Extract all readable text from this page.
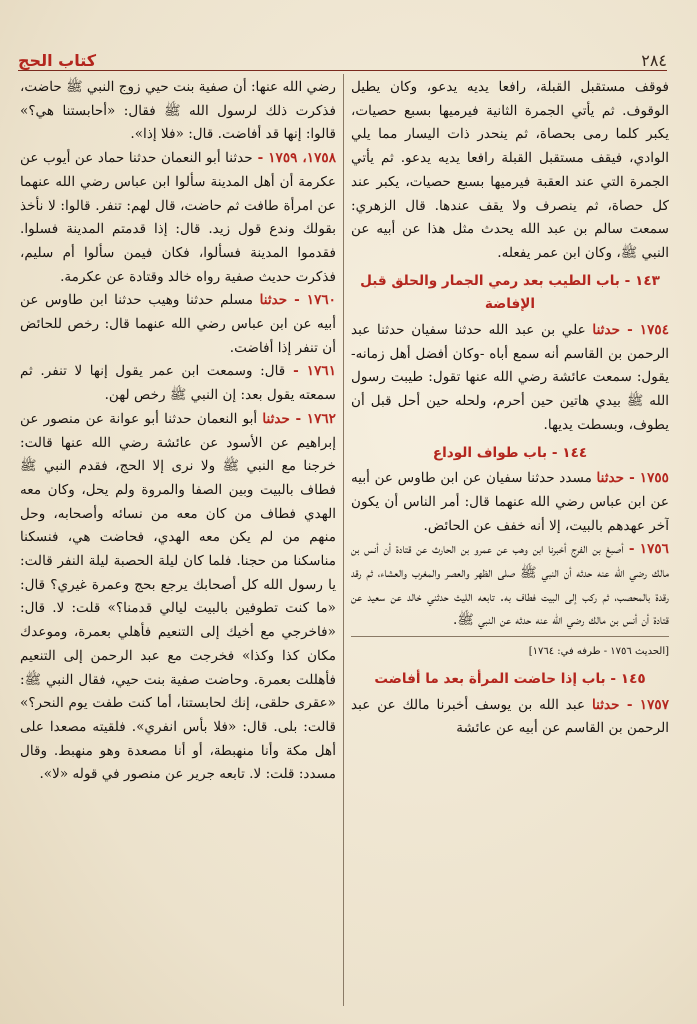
كتاب الحج	٢٨٤

فوقف مستقبل القبلة، رافعا يديه يدعو، وكان يطيل الوقوف. ثم يأتي الجمرة الثانية فيرميها بسبع حصيات، يكبر كلما رمى بحصاة، ثم ينحدر ذات اليسار مما يلي الوادي، فيقف مستقبل القبلة رافعا يديه يدعو. ثم يأتي الجمرة التي عند العقبة فيرميها بسبع حصيات، يكبر عند كل حصاة، ثم ينصرف ولا يقف عندها. قال الزهري: سمعت سالم بن عبد الله يحدث مثل هذا عن أبيه عن النبي ﷺ، وكان ابن عمر يفعله.

١٤٣ - باب الطيب بعد رمي الجمار والحلق قبل الإفاضة

١٧٥٤ - حدثنا علي بن عبد الله حدثنا سفيان حدثنا عبد الرحمن بن القاسم أنه سمع أباه -وكان أفضل أهل زمانه- يقول: سمعت عائشة رضي الله عنها تقول: طيبت رسول الله ﷺ بيدي هاتين حين أحرم، ولحله حين أحل قبل أن يطوف، وبسطت يديها.

١٤٤ - باب طواف الوداع

١٧٥٥ - حدثنا مسدد حدثنا سفيان عن ابن طاوس عن أبيه عن ابن عباس رضي الله عنهما قال: أمر الناس أن يكون آخر عهدهم بالبيت، إلا أنه خفف عن الحائض.

١٧٥٦ - أصبغ بن الفرج أخبرنا ابن وهب عن عمرو بن الحارث عن قتادة أن أنس بن مالك رضي الله عنه حدثه أن النبي ﷺ صلى الظهر والعصر والمغرب والعشاء، ثم رقد رقدة بالمحصب، ثم ركب إلى البيت فطاف به. تابعه الليث حدثني خالد عن سعيد عن قتادة أن أنس بن مالك رضي الله عنه حدثه عن النبي ﷺ.

[الحديث ١٧٥٦ - طرفه في: ١٧٦٤]

١٤٥ - باب إذا حاضت المرأة بعد ما أفاضت

١٧٥٧ - حدثنا عبد الله بن يوسف أخبرنا مالك عن عبد الرحمن بن القاسم عن أبيه عن عائشة

رضي الله عنها: أن صفية بنت حيي زوج النبي ﷺ حاضت، فذكرت ذلك لرسول الله ﷺ فقال: «أحابستنا هي؟» قالوا: إنها قد أفاضت. قال: «فلا إذا».

١٧٥٨، ١٧٥٩ - حدثنا أبو النعمان حدثنا حماد عن أيوب عن عكرمة أن أهل المدينة سألوا ابن عباس رضي الله عنهما عن امرأة طافت ثم حاضت، قال لهم: تنفر. قالوا: لا نأخذ بقولك وندع قول زيد. قال: إذا قدمتم المدينة فسلوا. فقدموا المدينة فسألوا، فكان فيمن سألوا أم سليم، فذكرت حديث صفية رواه خالد وقتادة عن عكرمة.

١٧٦٠ - حدثنا مسلم حدثنا وهيب حدثنا ابن طاوس عن أبيه عن ابن عباس رضي الله عنهما قال: رخص للحائض أن تنفر إذا أفاضت.

١٧٦١ - قال: وسمعت ابن عمر يقول إنها لا تنفر. ثم سمعته يقول بعد: إن النبي ﷺ رخص لهن.

١٧٦٢ - حدثنا أبو النعمان حدثنا أبو عوانة عن منصور عن إبراهيم عن الأسود عن عائشة رضي الله عنها قالت: خرجنا مع النبي ﷺ ولا نرى إلا الحج، فقدم النبي ﷺ فطاف بالبيت وبين الصفا والمروة ولم يحل، وكان معه الهدي فطاف من كان معه من نسائه وأصحابه، وحل منهم من لم يكن معه الهدي، فحاضت هي، فنسكنا مناسكنا من حجنا. فلما كان ليلة الحصبة ليلة النفر قالت: يا رسول الله كل أصحابك يرجع بحج وعمرة غيري؟ قال: «ما كنت تطوفين بالبيت ليالي قدمنا؟» قلت: لا. قال: «فاخرجي مع أخيك إلى التنعيم فأهلي بعمرة، وموعدك مكان كذا وكذا» فخرجت مع عبد الرحمن إلى التنعيم فأهللت بعمرة. وحاضت صفية بنت حيي، فقال النبي ﷺ: «عقرى حلقى، إنك لحابستنا، أما كنت طفت يوم النحر؟» قالت: بلى. قال: «فلا بأس انفري». فلقيته مصعدا على أهل مكة وأنا منهبطة، أو أنا مصعدة وهو منهبط. وقال مسدد: قلت: لا. تابعه جرير عن منصور في قوله «لا».
